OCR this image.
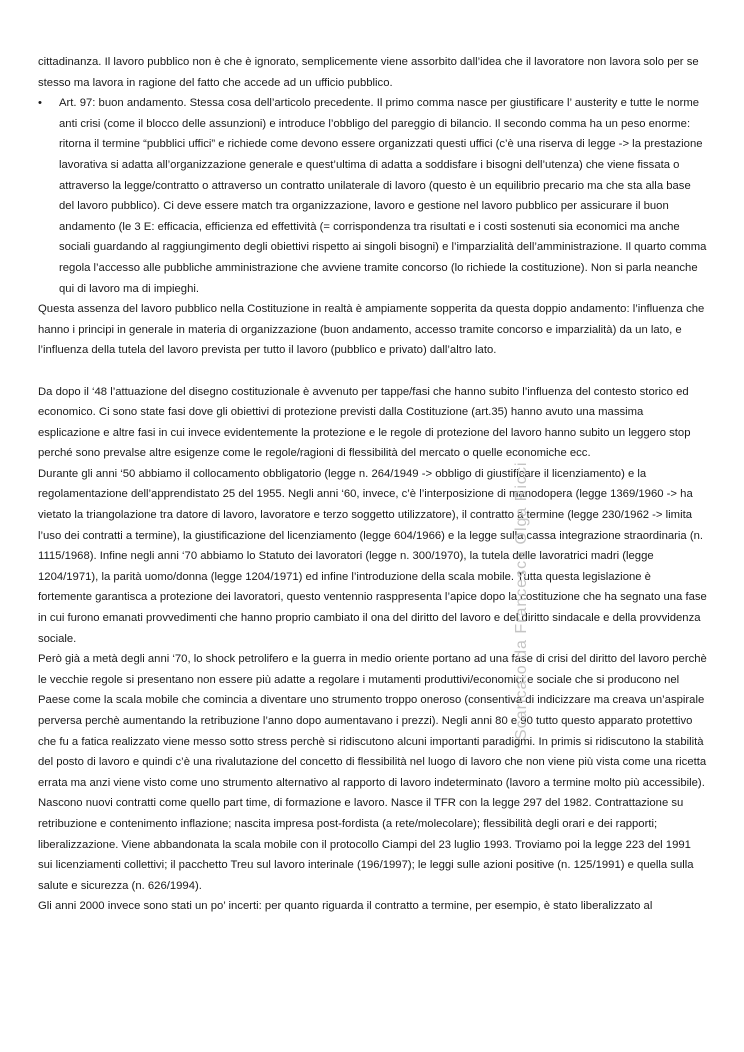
cittadinanza. Il lavoro pubblico non è che è ignorato, semplicemente viene assorbito dall’idea che il lavoratore non lavora solo per se stesso ma lavora in ragione del fatto che accede ad un ufficio pubblico.

• Art. 97: buon andamento. Stessa cosa dell’articolo precedente. Il primo comma nasce per giustificare l’ austerity e tutte le norme anti crisi (come il blocco delle assunzioni) e introduce l’obbligo del pareggio di bilancio. Il secondo comma ha un peso enorme: ritorna il termine “pubblici uffici” e richiede come devono essere organizzati questi uffici (c’è una riserva di legge -> la prestazione lavorativa si adatta all’organizzazione generale e quest’ultima di adatta a soddisfare i bisogni dell’utenza) che viene fissata o attraverso la legge/contratto o attraverso un contratto unilaterale di lavoro (questo è un equilibrio precario ma che sta alla base del lavoro pubblico). Ci deve essere match tra organizzazione, lavoro e gestione nel lavoro pubblico per assicurare il buon andamento (le 3 E: efficacia, efficienza ed effettività (= corrispondenza tra risultati e i costi sostenuti sia economici ma anche sociali guardando al raggiungimento degli obiettivi rispetto ai singoli bisogni) e l’imparzialità dell’amministrazione. Il quarto comma regola l’accesso alle pubbliche amministrazione che avviene tramite concorso (lo richiede la costituzione). Non si parla neanche qui di lavoro ma di impieghi.

Questa assenza del lavoro pubblico nella Costituzione in realtà è ampiamente sopperita da questa doppio andamento: l’influenza che hanno i principi in generale in materia di organizzazione (buon andamento, accesso tramite concorso e imparzialità) da un lato, e l’influenza della tutela del lavoro prevista per tutto il lavoro (pubblico e privato) dall’altro lato.

Da dopo il ‘48 l’attuazione del disegno costituzionale è avvenuto per tappe/fasi che hanno subito l’influenza del contesto storico ed economico. Ci sono state fasi dove gli obiettivi di protezione previsti dalla Costituzione (art.35) hanno avuto una massima esplicazione e altre fasi in cui invece evidentemente la protezione e le regole di protezione del lavoro hanno subito un leggero stop perché sono prevalse altre esigenze come le regole/ragioni di flessibilità del mercato o quelle economiche ecc.

Durante gli anni ‘50 abbiamo il collocamento obbligatorio (legge n. 264/1949 -> obbligo di giustificare il licenziamento) e la regolamentazione dell’apprendistato 25 del 1955. Negli anni ‘60, invece, c’è l’interposizione di manodopera (legge 1369/1960 -> ha vietato la triangolazione tra datore di lavoro, lavoratore e terzo soggetto utilizzatore), il contratto a termine (legge 230/1962 -> limita l’uso dei contratti a termine), la giustificazione del licenziamento (legge 604/1966) e la legge sulla cassa integrazione straordinaria (n. 1115/1968). Infine negli anni ‘70 abbiamo lo Statuto dei lavoratori (legge n. 300/1970), la tutela delle lavoratrici madri (legge 1204/1971), la parità uomo/donna (legge 1204/1971) ed infine l’introduzione della scala mobile. Tutta questa legislazione è fortemente garantisca a protezione dei lavoratori, questo ventennio rasppresenta l’apice dopo la costituzione che ha segnato una fase in cui furono emanati provvedimenti che hanno proprio cambiato il ona del diritto del lavoro e del diritto sindacale e della provvidenza sociale.

Però già a metà degli anni ‘70, lo shock petrolifero e la guerra in medio oriente portano ad una fase di crisi del diritto del lavoro perchè le vecchie regole si presentano non essere più adatte a regolare i mutamenti produttivi/economici e sociale che si producono nel Paese come la scala mobile che comincia a diventare uno strumento troppo oneroso (consentiva di indicizzare ma creava un’aspirale perversa perchè aumentando la retribuzione l’anno dopo aumentavano i prezzi). Negli anni 80 e 90 tutto questo apparato protettivo che fu a fatica realizzato viene messo sotto stress perchè si ridiscutono alcuni importanti paradigmi. In primis si ridiscutono la stabilità del posto di lavoro e quindi c’è una rivalutazione del concetto di flessibilità nel luogo di lavoro che non viene più vista come una ricetta errata ma anzi viene visto come uno strumento alternativo al rapporto di lavoro indeterminato (lavoro a termine molto più accessibile). Nascono nuovi contratti come quello part time, di formazione e lavoro. Nasce il TFR con la legge 297 del 1982. Contrattazione su retribuzione e contenimento inflazione; nascita impresa post-fordista (a rete/molecolare); flessibilità degli orari e dei rapporti; liberalizzazione. Viene abbandonata la scala mobile con il protocollo Ciampi del 23 luglio 1993. Troviamo poi la legge 223 del 1991 sui licenziamenti collettivi; il pacchetto Treu sul lavoro interinale (196/1997); le leggi sulle azioni positive (n. 125/1991) e quella sulla salute e sicurezza (n. 626/1994).

Gli anni 2000 invece sono stati un po’ incerti: per quanto riguarda il contratto a termine, per esempio, è stato liberalizzato al

Scaricato da Francesca Olga Ricci
